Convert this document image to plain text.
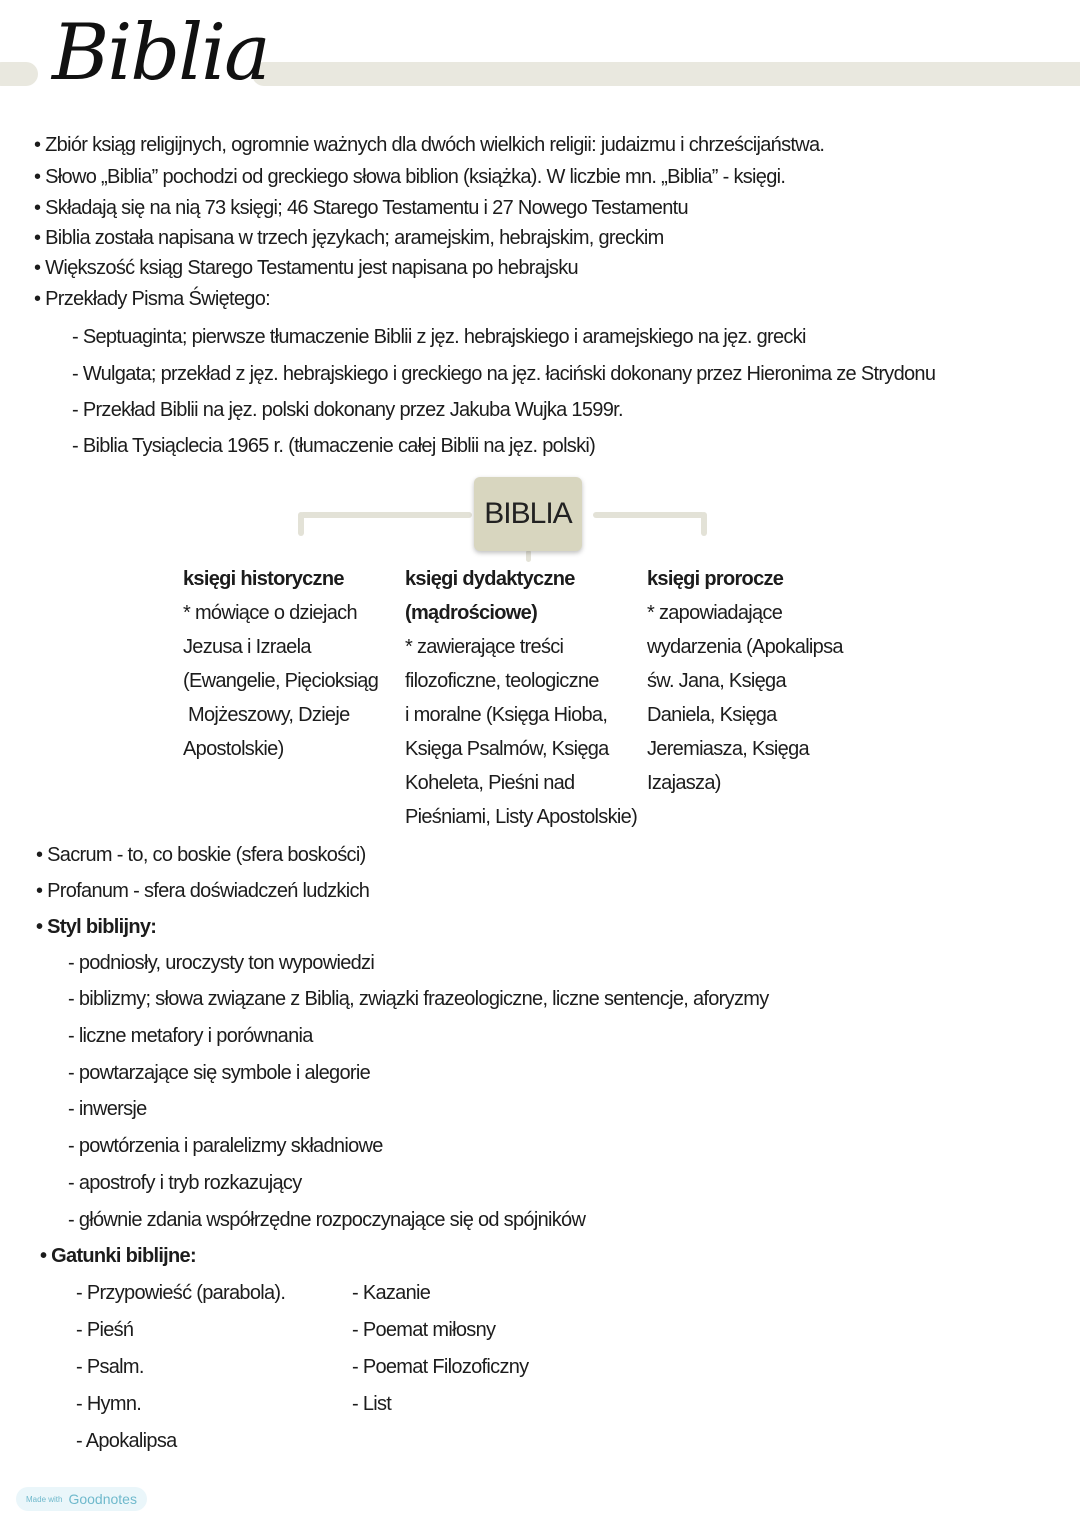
Biblia
• Zbiór ksiąg religijnych, ogromnie ważnych dla dwóch wielkich religii: judaizmu i chrześcijaństwa.
• Słowo „Biblia” pochodzi od greckiego słowa biblion (książka). W liczbie mn. „Biblia” - księgi.
• Składają się na nią 73 księgi; 46 Starego Testamentu i 27 Nowego Testamentu
• Biblia została napisana w trzech językach; aramejskim, hebrajskim, greckim
• Większość ksiąg Starego Testamentu jest napisana po hebrajsku
• Przekłady Pisma Świętego:
- Septuaginta; pierwsze tłumaczenie Biblii z jęz. hebrajskiego i aramejskiego na jęz. grecki
- Wulgata; przekład z jęz. hebrajskiego i greckiego na jęz. łaciński dokonany przez Hieronima ze Strydonu
- Przekład Biblii na jęz. polski dokonany przez Jakuba Wujka 1599r.
- Biblia Tysiąclecia 1965 r. (tłumaczenie całej Biblii na jęz. polski)
BIBLIA
księgi historyczne
* mówiące o dziejach
Jezusa i Izraela
(Ewangelie, Pięcioksiąg
Mojżeszowy, Dzieje
Apostolskie)
księgi dydaktyczne
(mądrościowe)
* zawierające treści
filozoficzne, teologiczne
i moralne (Księga Hioba,
Księga Psalmów, Księga
Koheleta, Pieśni nad
Pieśniami, Listy Apostolskie)
księgi prorocze
* zapowiadające
wydarzenia (Apokalipsa
św. Jana, Księga
Daniela, Księga
Jeremiasza, Księga
Izajasza)
• Sacrum - to, co boskie (sfera boskości)
• Profanum - sfera doświadczeń ludzkich
• Styl biblijny:
- podniosły, uroczysty ton wypowiedzi
- biblizmy; słowa związane z Biblią, związki frazeologiczne, liczne sentencje, aforyzmy
- liczne metafory i porównania
- powtarzające się symbole i alegorie
- inwersje
- powtórzenia i paralelizmy składniowe
- apostrofy i tryb rozkazujący
- głównie zdania współrzędne rozpoczynające się od spójników
• Gatunki biblijne:
- Przypowieść (parabola).
- Pieśń
- Psalm.
- Hymn.
- Apokalipsa
- Kazanie
- Poemat miłosny
- Poemat Filozoficzny
- List
Made with Goodnotes
